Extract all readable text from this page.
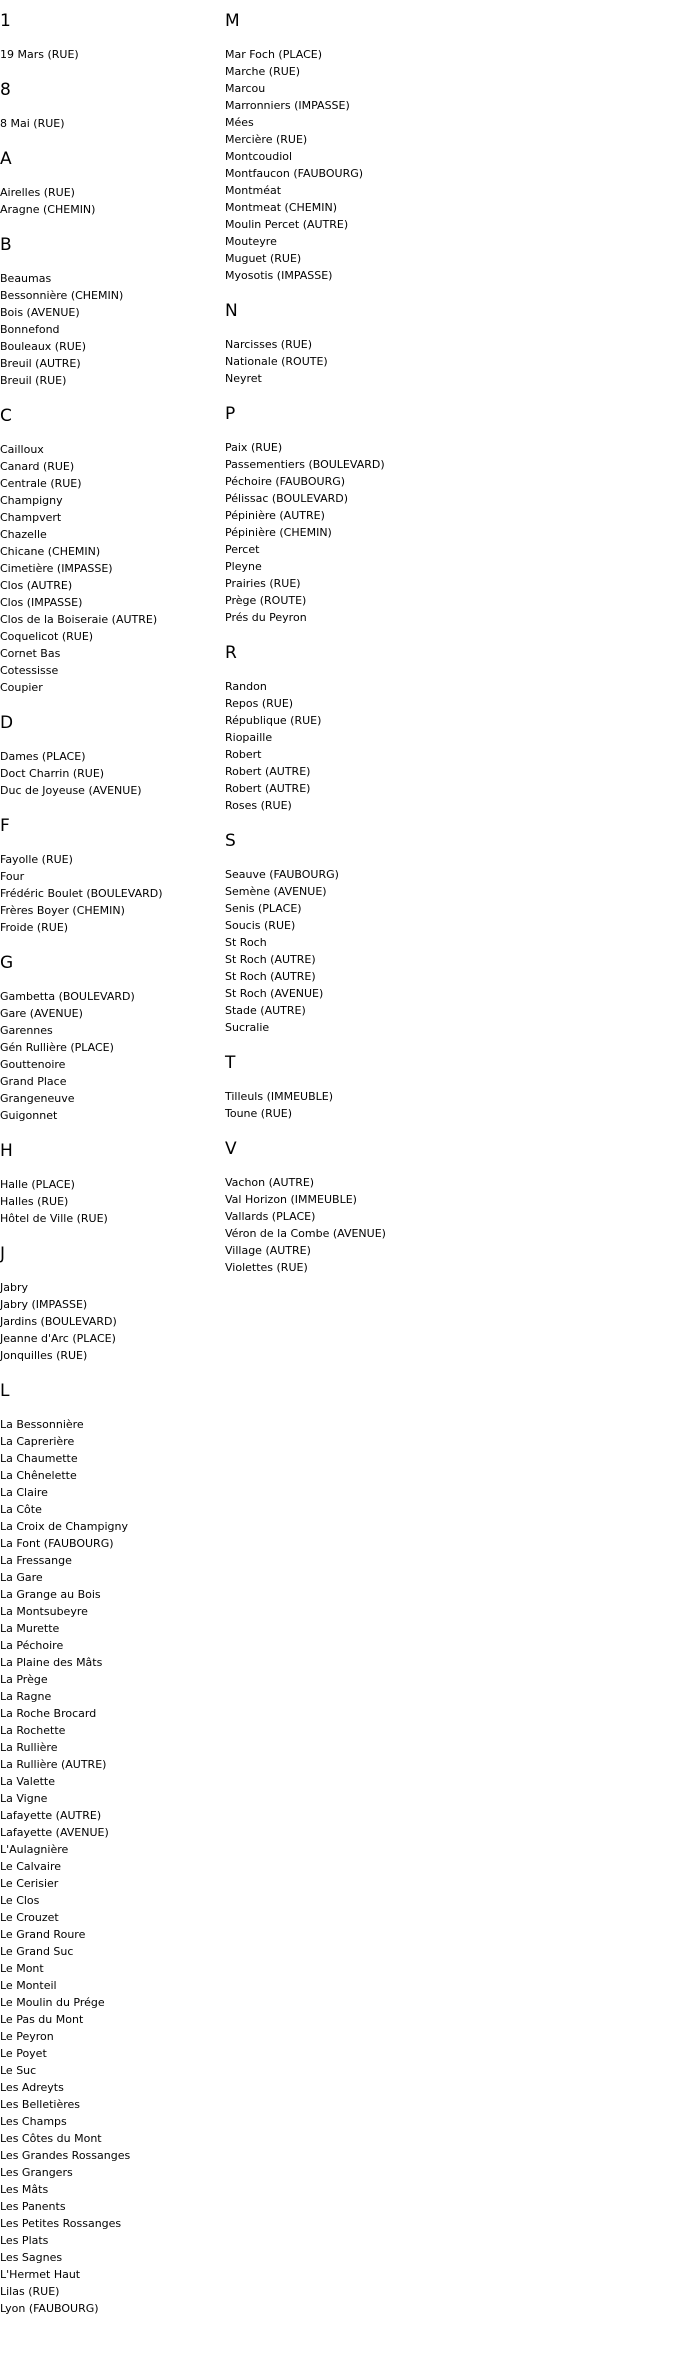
1
19 Mars (RUE)
8
8 Mai (RUE)
A
Airelles (RUE)
Aragne (CHEMIN)
B
Beaumas
Bessonnière (CHEMIN)
Bois (AVENUE)
Bonnefond
Bouleaux (RUE)
Breuil (AUTRE)
Breuil (RUE)
C
Cailloux
Canard (RUE)
Centrale (RUE)
Champigny
Champvert
Chazelle
Chicane (CHEMIN)
Cimetière (IMPASSE)
Clos (AUTRE)
Clos (IMPASSE)
Clos de la Boiseraie (AUTRE)
Coquelicot (RUE)
Cornet Bas
Cotessisse
Coupier
D
Dames (PLACE)
Doct Charrin (RUE)
Duc de Joyeuse (AVENUE)
F
Fayolle (RUE)
Four
Frédéric Boulet (BOULEVARD)
Frères Boyer (CHEMIN)
Froide (RUE)
G
Gambetta (BOULEVARD)
Gare (AVENUE)
Garennes
Gén Rullière (PLACE)
Gouttenoire
Grand Place
Grangeneuve
Guigonnet
H
Halle (PLACE)
Halles (RUE)
Hôtel de Ville (RUE)
J
Jabry
Jabry (IMPASSE)
Jardins (BOULEVARD)
Jeanne d'Arc (PLACE)
Jonquilles (RUE)
L
La Bessonnière
La Caprerière
La Chaumette
La Chênelette
La Claire
La Côte
La Croix de Champigny
La Font (FAUBOURG)
La Fressange
La Gare
La Grange au Bois
La Montsubeyre
La Murette
La Péchoire
La Plaine des Mâts
La Prège
La Ragne
La Roche Brocard
La Rochette
La Rullière
La Rullière (AUTRE)
La Valette
La Vigne
Lafayette (AUTRE)
Lafayette (AVENUE)
L'Aulagnière
Le Calvaire
Le Cerisier
Le Clos
Le Crouzet
Le Grand Roure
Le Grand Suc
Le Mont
Le Monteil
Le Moulin du Prége
Le Pas du Mont
Le Peyron
Le Poyet
Le Suc
Les Adreyts
Les Belletières
Les Champs
Les Côtes du Mont
Les Grandes Rossanges
Les Grangers
Les Mâts
Les Panents
Les Petites Rossanges
Les Plats
Les Sagnes
L'Hermet Haut
Lilas (RUE)
Lyon (FAUBOURG)
M
Mar Foch (PLACE)
Marche (RUE)
Marcou
Marronniers (IMPASSE)
Mées
Mercière (RUE)
Montcoudiol
Montfaucon (FAUBOURG)
Montméat
Montmeat (CHEMIN)
Moulin Percet (AUTRE)
Mouteyre
Muguet (RUE)
Myosotis (IMPASSE)
N
Narcisses (RUE)
Nationale (ROUTE)
Neyret
P
Paix (RUE)
Passementiers (BOULEVARD)
Péchoire (FAUBOURG)
Pélissac (BOULEVARD)
Pépinière (AUTRE)
Pépinière (CHEMIN)
Percet
Pleyne
Prairies (RUE)
Prège (ROUTE)
Prés du Peyron
R
Randon
Repos (RUE)
République (RUE)
Riopaille
Robert
Robert (AUTRE)
Robert (AUTRE)
Roses (RUE)
S
Seauve (FAUBOURG)
Semène (AVENUE)
Senis (PLACE)
Soucis (RUE)
St Roch
St Roch (AUTRE)
St Roch (AUTRE)
St Roch (AVENUE)
Stade (AUTRE)
Sucralie
T
Tilleuls (IMMEUBLE)
Toune (RUE)
V
Vachon (AUTRE)
Val Horizon (IMMEUBLE)
Vallards (PLACE)
Véron de la Combe (AVENUE)
Village (AUTRE)
Violettes (RUE)
